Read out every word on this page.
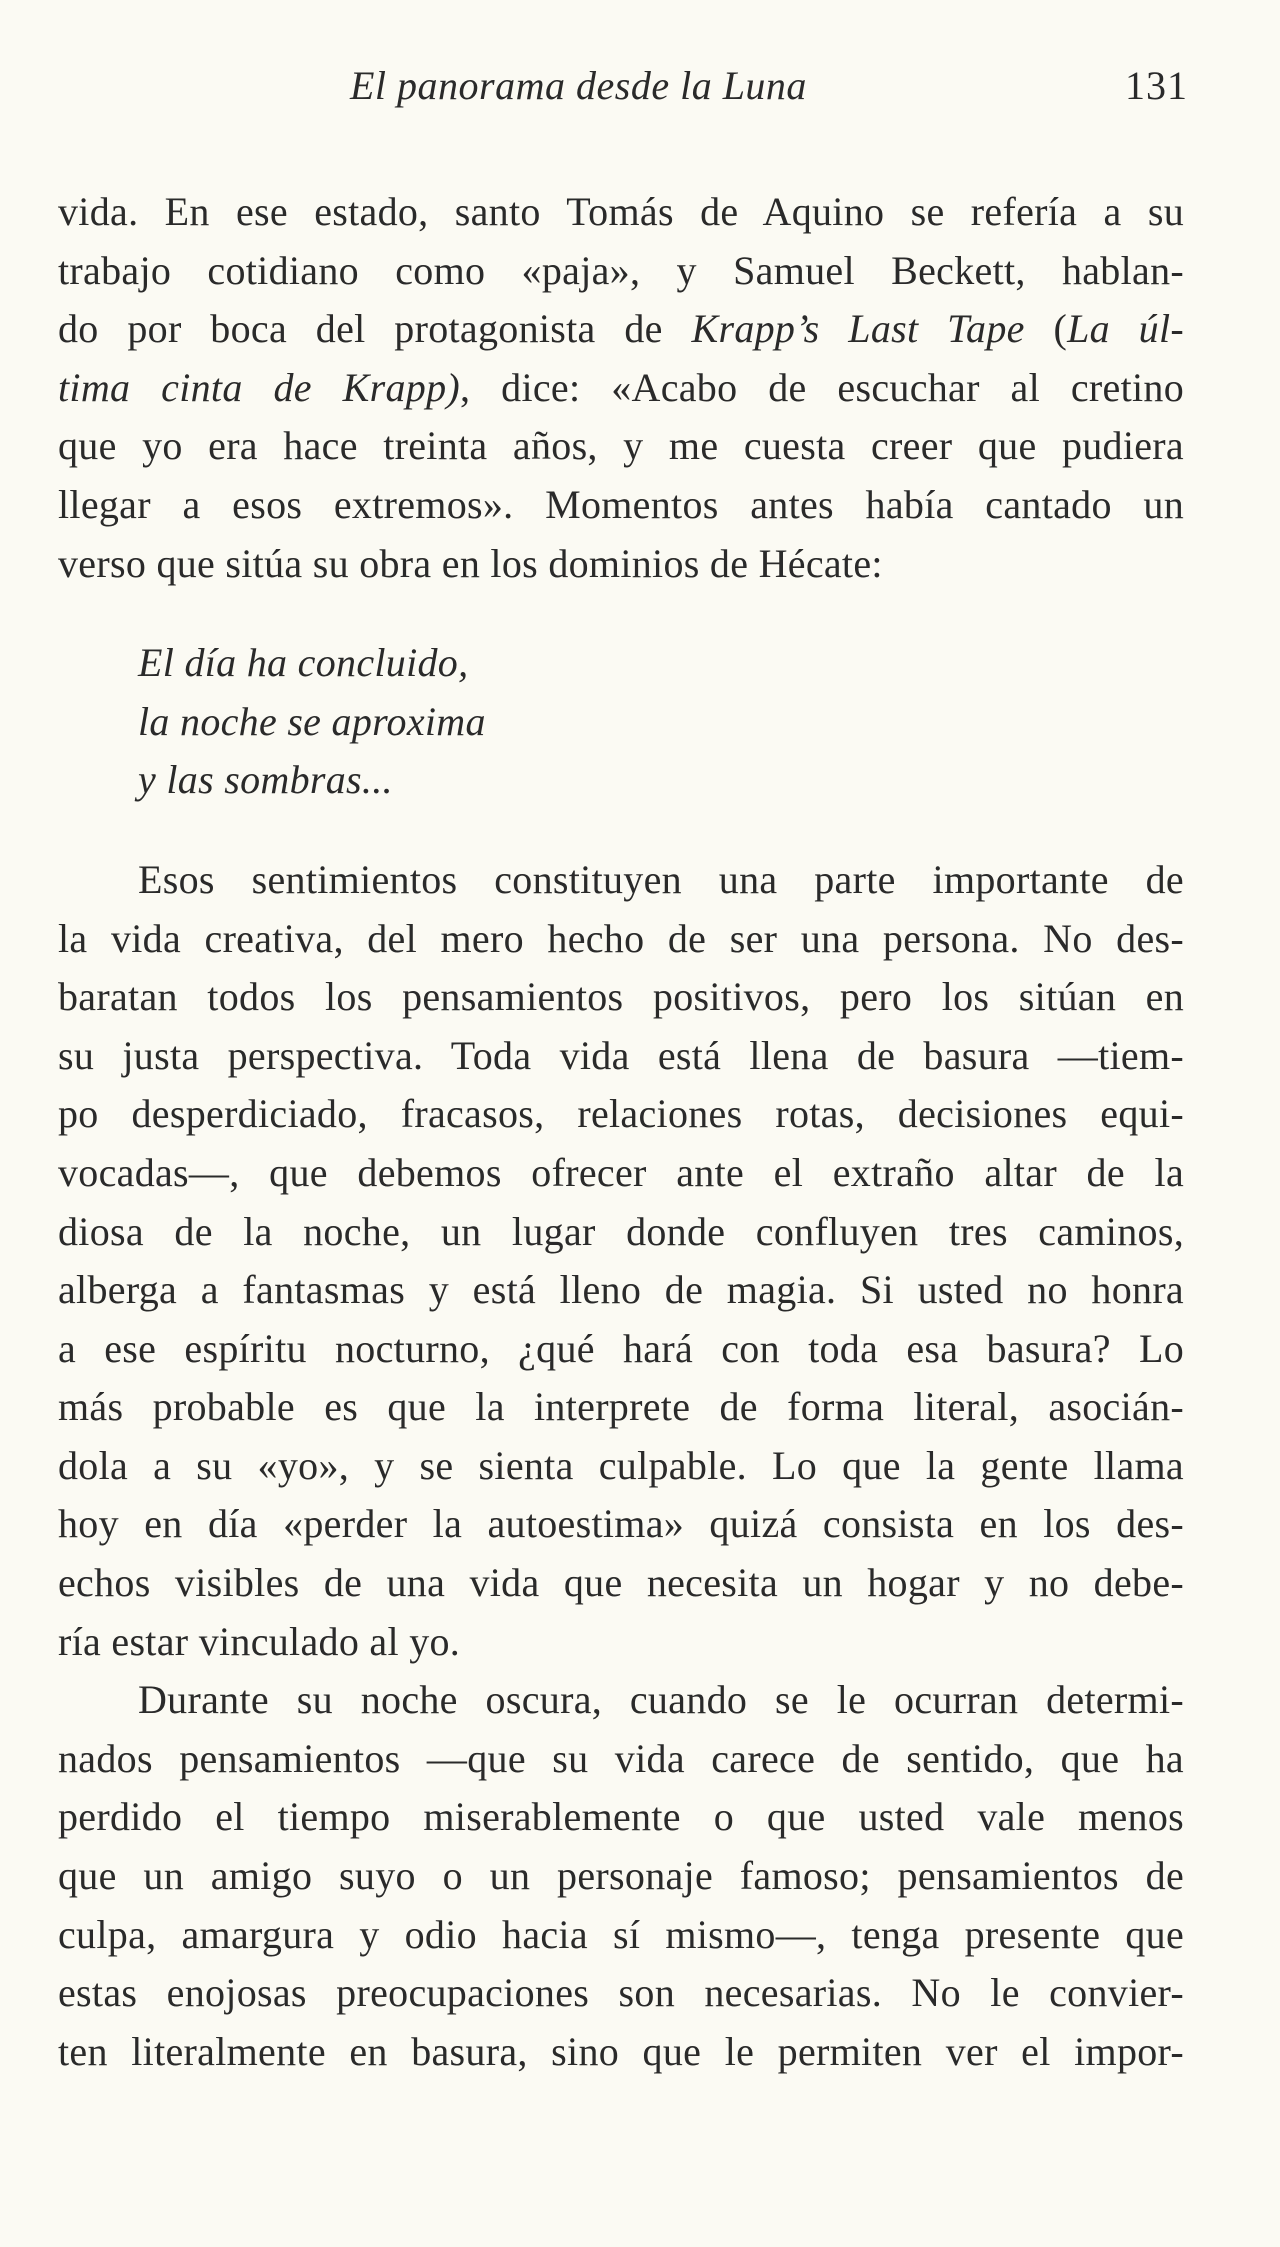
El panorama desde la Luna	131
vida. En ese estado, santo Tomás de Aquino se refería a su
trabajo cotidiano como «paja», y Samuel Beckett, hablan-
do por boca del protagonista de Krapp’s Last Tape (La úl-
tima cinta de Krapp), dice: «Acabo de escuchar al cretino
que yo era hace treinta años, y me cuesta creer que pudiera
llegar a esos extremos». Momentos antes había cantado un
verso que sitúa su obra en los dominios de Hécate:
El día ha concluido,
la noche se aproxima
y las sombras...
Esos sentimientos constituyen una parte importante de
la vida creativa, del mero hecho de ser una persona. No des-
baratan todos los pensamientos positivos, pero los sitúan en
su justa perspectiva. Toda vida está llena de basura —tiem-
po desperdiciado, fracasos, relaciones rotas, decisiones equi-
vocadas—, que debemos ofrecer ante el extraño altar de la
diosa de la noche, un lugar donde confluyen tres caminos,
alberga a fantasmas y está lleno de magia. Si usted no honra
a ese espíritu nocturno, ¿qué hará con toda esa basura? Lo
más probable es que la interprete de forma literal, asocián-
dola a su «yo», y se sienta culpable. Lo que la gente llama
hoy en día «perder la autoestima» quizá consista en los des-
echos visibles de una vida que necesita un hogar y no debe-
ría estar vinculado al yo.
Durante su noche oscura, cuando se le ocurran determi-
nados pensamientos —que su vida carece de sentido, que ha
perdido el tiempo miserablemente o que usted vale menos
que un amigo suyo o un personaje famoso; pensamientos de
culpa, amargura y odio hacia sí mismo—, tenga presente que
estas enojosas preocupaciones son necesarias. No le convier-
ten literalmente en basura, sino que le permiten ver el impor-
